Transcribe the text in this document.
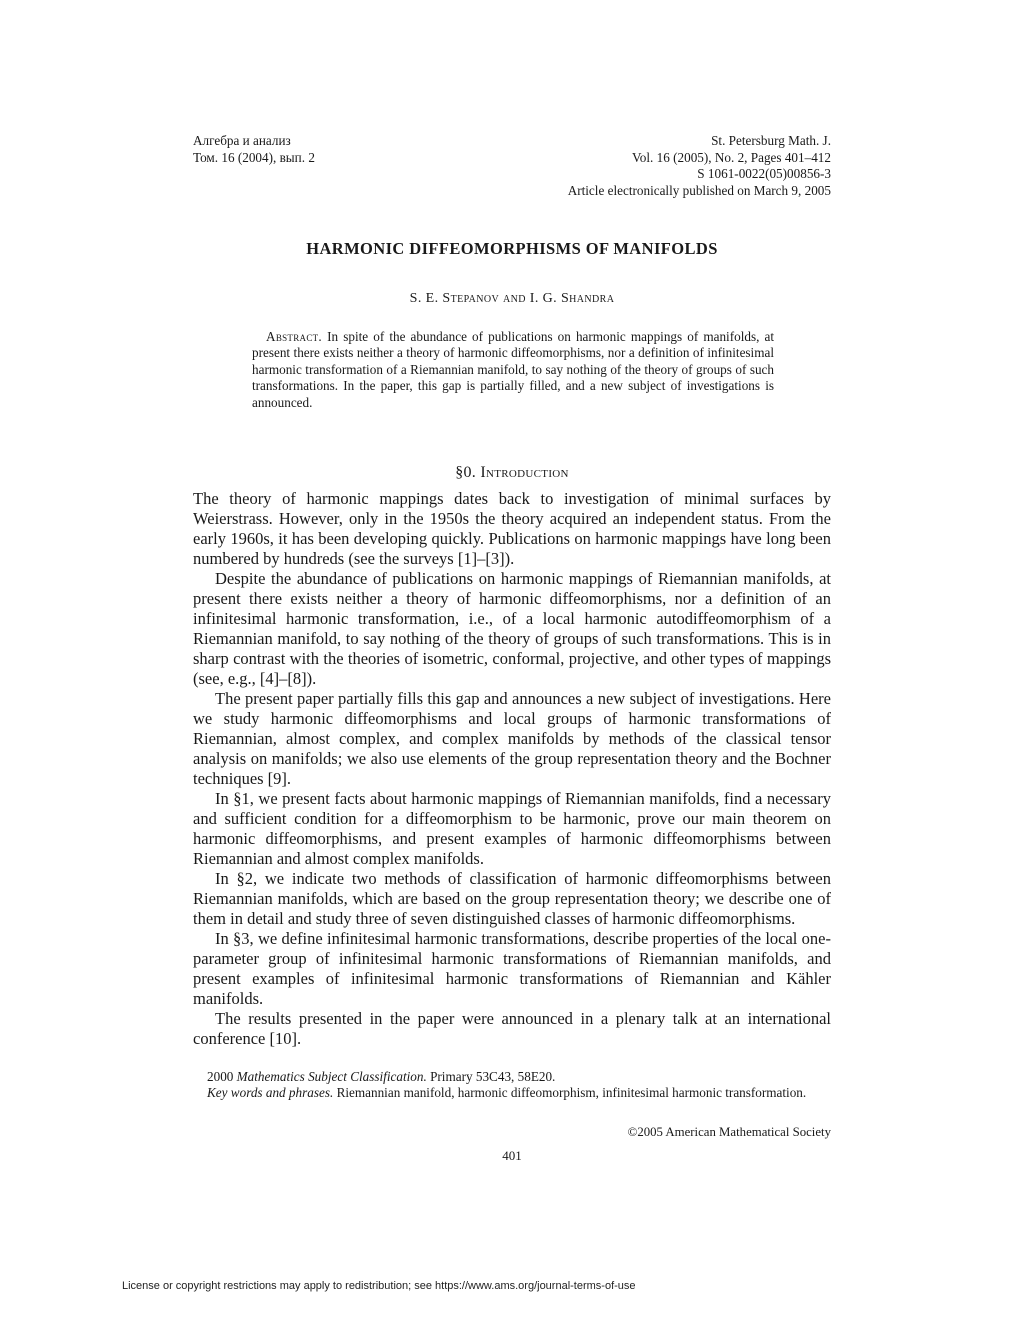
Алгебра и анализ
Том. 16 (2004), вып. 2
St. Petersburg Math. J.
Vol. 16 (2005), No. 2, Pages 401–412
S 1061-0022(05)00856-3
Article electronically published on March 9, 2005
HARMONIC DIFFEOMORPHISMS OF MANIFOLDS
S. E. Stepanov and I. G. Shandra
Abstract. In spite of the abundance of publications on harmonic mappings of manifolds, at present there exists neither a theory of harmonic diffeomorphisms, nor a definition of infinitesimal harmonic transformation of a Riemannian manifold, to say nothing of the theory of groups of such transformations. In the paper, this gap is partially filled, and a new subject of investigations is announced.
§0. Introduction

The theory of harmonic mappings dates back to investigation of minimal surfaces by Weierstrass. However, only in the 1950s the theory acquired an independent status. From the early 1960s, it has been developing quickly. Publications on harmonic mappings have long been numbered by hundreds (see the surveys [1]–[3]).

Despite the abundance of publications on harmonic mappings of Riemannian manifolds, at present there exists neither a theory of harmonic diffeomorphisms, nor a definition of an infinitesimal harmonic transformation, i.e., of a local harmonic autodiffeomorphism of a Riemannian manifold, to say nothing of the theory of groups of such transformations. This is in sharp contrast with the theories of isometric, conformal, projective, and other types of mappings (see, e.g., [4]–[8]).

The present paper partially fills this gap and announces a new subject of investigations. Here we study harmonic diffeomorphisms and local groups of harmonic transformations of Riemannian, almost complex, and complex manifolds by methods of the classical tensor analysis on manifolds; we also use elements of the group representation theory and the Bochner techniques [9].

In §1, we present facts about harmonic mappings of Riemannian manifolds, find a necessary and sufficient condition for a diffeomorphism to be harmonic, prove our main theorem on harmonic diffeomorphisms, and present examples of harmonic diffeomorphisms between Riemannian and almost complex manifolds.

In §2, we indicate two methods of classification of harmonic diffeomorphisms between Riemannian manifolds, which are based on the group representation theory; we describe one of them in detail and study three of seven distinguished classes of harmonic diffeomorphisms.

In §3, we define infinitesimal harmonic transformations, describe properties of the local one-parameter group of infinitesimal harmonic transformations of Riemannian manifolds, and present examples of infinitesimal harmonic transformations of Riemannian and Kähler manifolds.

The results presented in the paper were announced in a plenary talk at an international conference [10].

2000 Mathematics Subject Classification. Primary 53C43, 58E20.

Key words and phrases. Riemannian manifold, harmonic diffeomorphism, infinitesimal harmonic transformation.

©2005 American Mathematical Society
401
License or copyright restrictions may apply to redistribution; see https://www.ams.org/journal-terms-of-use
